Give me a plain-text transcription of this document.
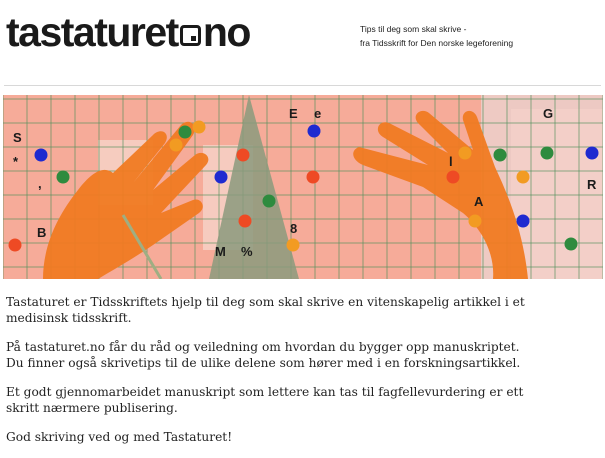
tastaturet no	Tips til deg som skal skrive -
fra Tidsskrift for Den norske legeforening
S
*
,
B
E e
M %
8
l
A
G
R

Tastaturet er Tidsskriftets hjelp til deg som skal skrive en vitenskapelig artikkel i et
medisinsk tidsskrift.

På tastaturet.no får du råd og veiledning om hvordan du bygger opp manuskriptet.
Du finner også skrivetips til de ulike delene som hører med i en forskningsartikkel.

Et godt gjennomarbeidet manuskript som lettere kan tas til fagfellevurdering er ett
skritt nærmere publisering.

God skriving ved og med Tastaturet!
